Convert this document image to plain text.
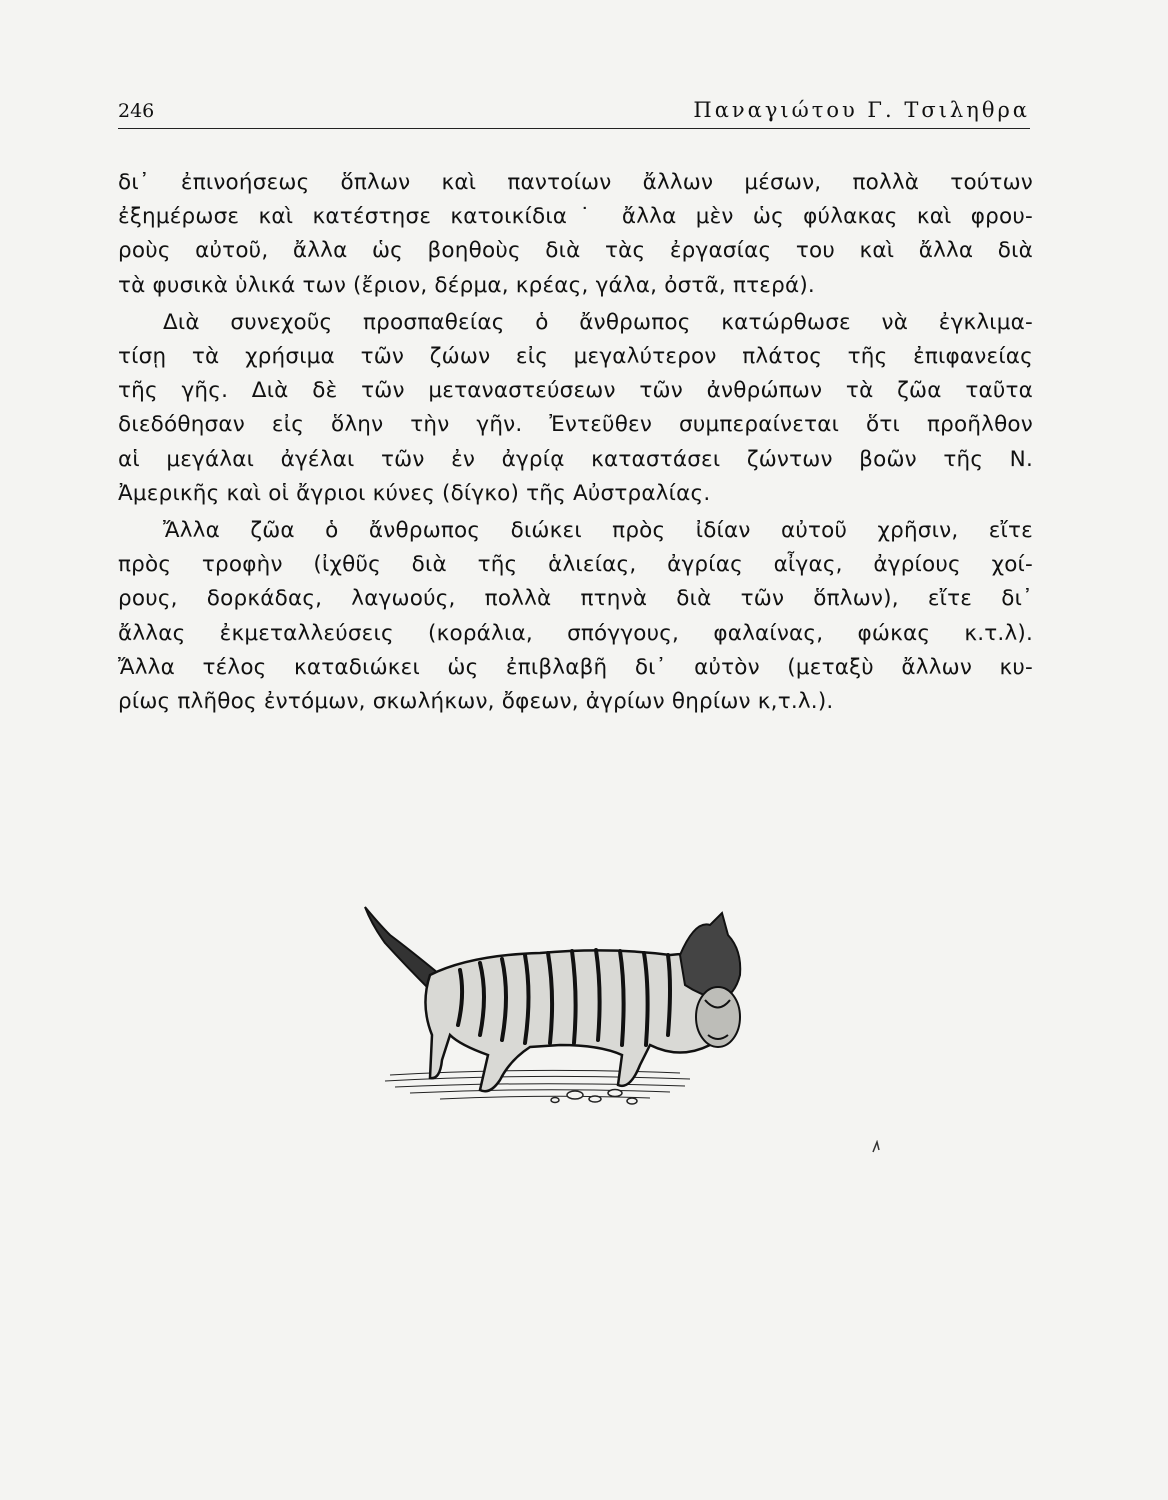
246	Παναγιώτου Γ. Τσιληθρα

δι᾽ ἐπινοήσεως ὅπλων καὶ παντοίων ἄλλων μέσων, πολλὰ τούτων
ἐξημέρωσε καὶ κατέστησε κατοικίδια˙ ἄλλα μὲν ὡς φύλακας καὶ φρου-
ροὺς αὐτοῦ, ἄλλα ὡς βοηθοὺς διὰ τὰς ἐργασίας του καὶ ἄλλα διὰ
τὰ φυσικὰ ὑλικά των (ἔριον, δέρμα, κρέας, γάλα, ὀστᾶ, πτερά).

Διὰ συνεχοῦς προσπαθείας ὁ ἄνθρωπος κατώρθωσε νὰ ἐγκλιμα-
τίσῃ τὰ χρήσιμα τῶν ζώων εἰς μεγαλύτερον πλάτος τῆς ἐπιφανείας
τῆς γῆς. Διὰ δὲ τῶν μεταναστεύσεων τῶν ἀνθρώπων τὰ ζῶα ταῦτα
διεδόθησαν εἰς ὅλην τὴν γῆν. Ἐντεῦθεν συμπεραίνεται ὅτι προῆλθον
αἱ μεγάλαι ἀγέλαι τῶν ἐν ἀγρίᾳ καταστάσει ζώντων βοῶν τῆς Ν.
Ἀμερικῆς καὶ οἱ ἄγριοι κύνες (δίγκο) τῆς Αὐστραλίας.

Ἄλλα ζῶα ὁ ἄνθρωπος διώκει πρὸς ἰδίαν αὐτοῦ χρῆσιν, εἴτε
πρὸς τροφὴν (ἰχθῦς διὰ τῆς ἁλιείας, ἀγρίας αἶγας, ἀγρίους χοί-
ρους, δορκάδας, λαγωούς, πολλὰ πτηνὰ διὰ τῶν ὅπλων), εἴτε δι᾽
ἄλλας ἐκμεταλλεύσεις (κοράλια, σπόγγους, φαλαίνας, φώκας κ.τ.λ).
Ἄλλα τέλος καταδιώκει ὡς ἐπιβλαβῆ δι᾽ αὐτὸν (μεταξὺ ἄλλων κυ-
ρίως πλῆθος ἐντόμων, σκωλήκων, ὄφεων, ἀγρίων θηρίων κ,τ.λ.).
